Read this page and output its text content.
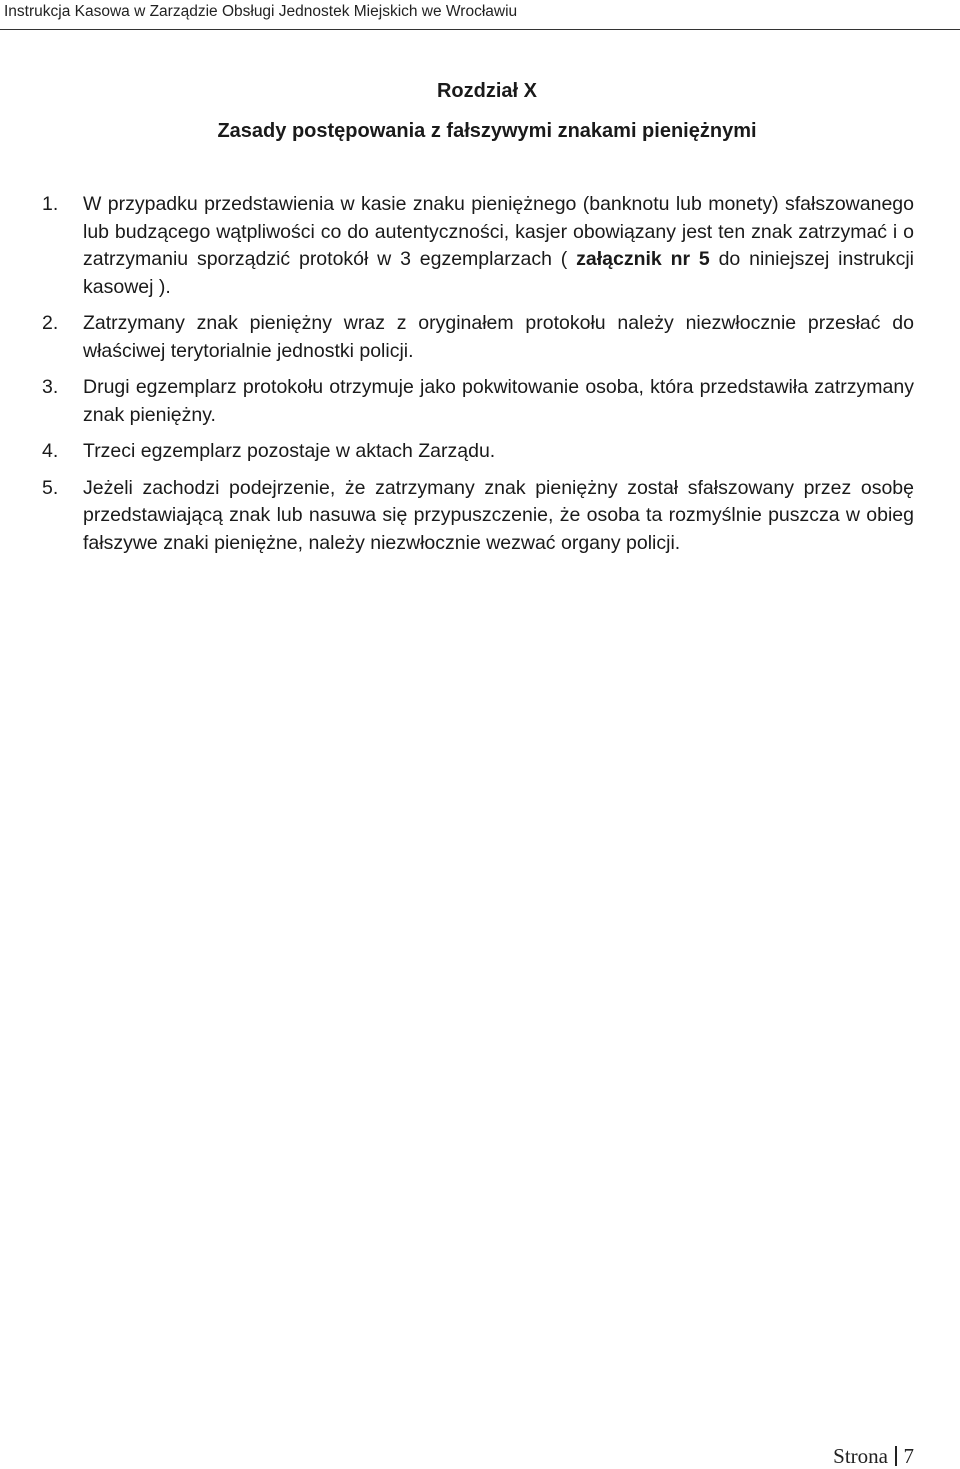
Instrukcja Kasowa w Zarządzie Obsługi Jednostek Miejskich we Wrocławiu
Rozdział X
Zasady postępowania z fałszywymi znakami pieniężnymi
1. W przypadku przedstawienia w kasie znaku pieniężnego (banknotu lub monety) sfałszowanego lub budzącego wątpliwości co do autentyczności, kasjer obowiązany jest ten znak zatrzymać i o zatrzymaniu sporządzić protokół w 3 egzemplarzach ( załącznik nr 5 do niniejszej instrukcji kasowej ).
2. Zatrzymany znak pieniężny wraz z oryginałem protokołu należy niezwłocznie przesłać do właściwej terytorialnie jednostki policji.
3. Drugi egzemplarz protokołu otrzymuje jako pokwitowanie osoba, która przedstawiła zatrzymany znak pieniężny.
4. Trzeci egzemplarz pozostaje w aktach Zarządu.
5. Jeżeli zachodzi podejrzenie, że zatrzymany znak pieniężny został sfałszowany przez osobę przedstawiającą znak lub nasuwa się przypuszczenie, że osoba ta rozmyślnie puszcza w obieg fałszywe znaki pieniężne, należy niezwłocznie wezwać organy policji.
Strona 7
